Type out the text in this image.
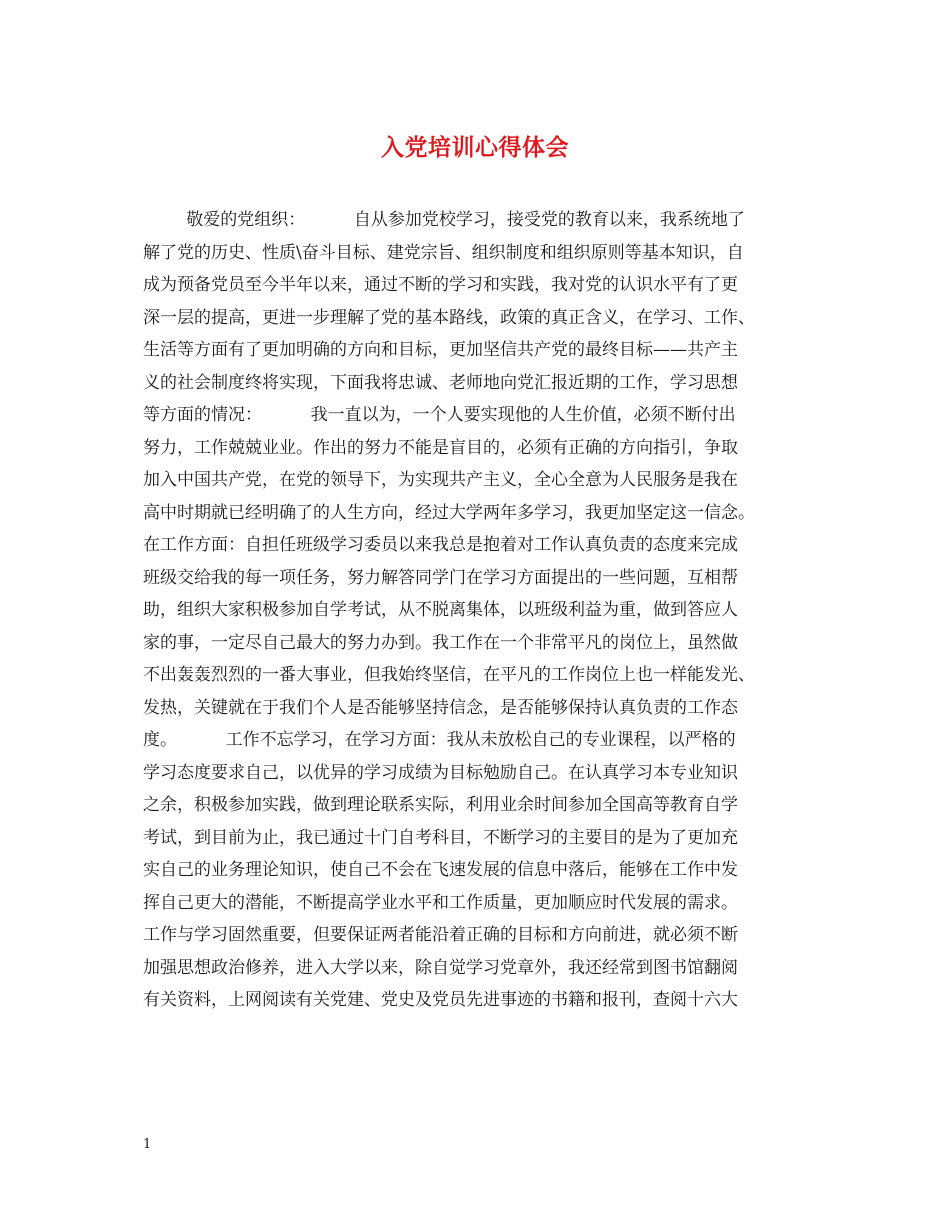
入党培训心得体会
敬爱的党组织：         自从参加党校学习，接受党的教育以来，我系统地了
解了党的历史、性质\奋斗目标、建党宗旨、组织制度和组织原则等基本知识，自
成为预备党员至今半年以来，通过不断的学习和实践，我对党的认识水平有了更
深一层的提高，更进一步理解了党的基本路线，政策的真正含义，在学习、工作、
生活等方面有了更加明确的方向和目标，更加坚信共产党的最终目标——共产主
义的社会制度终将实现，下面我将忠诚、老师地向党汇报近期的工作，学习思想
等方面的情况：         我一直以为，一个人要实现他的人生价值，必须不断付出
努力，工作兢兢业业。作出的努力不能是盲目的，必须有正确的方向指引，争取
加入中国共产党，在党的领导下，为实现共产主义，全心全意为人民服务是我在
高中时期就已经明确了的人生方向，经过大学两年多学习，我更加坚定这一信念。
在工作方面：自担任班级学习委员以来我总是抱着对工作认真负责的态度来完成
班级交给我的每一项任务，努力解答同学门在学习方面提出的一些问题，互相帮
助，组织大家积极参加自学考试，从不脱离集体，以班级利益为重，做到答应人
家的事，一定尽自己最大的努力办到。我工作在一个非常平凡的岗位上，虽然做
不出轰轰烈烈的一番大事业，但我始终坚信，在平凡的工作岗位上也一样能发光、
发热，关键就在于我们个人是否能够坚持信念，是否能够保持认真负责的工作态
度。         工作不忘学习，在学习方面：我从未放松自己的专业课程，以严格的
学习态度要求自己，以优异的学习成绩为目标勉励自己。在认真学习本专业知识
之余，积极参加实践，做到理论联系实际，利用业余时间参加全国高等教育自学
考试，到目前为止，我已通过十门自考科目，不断学习的主要目的是为了更加充
实自己的业务理论知识，使自己不会在飞速发展的信息中落后，能够在工作中发
挥自己更大的潜能，不断提高学业水平和工作质量，更加顺应时代发展的需求。
工作与学习固然重要，但要保证两者能沿着正确的目标和方向前进，就必须不断
加强思想政治修养，进入大学以来，除自觉学习党章外，我还经常到图书馆翻阅
有关资料，上网阅读有关党建、党史及党员先进事迹的书籍和报刊，查阅十六大
1
